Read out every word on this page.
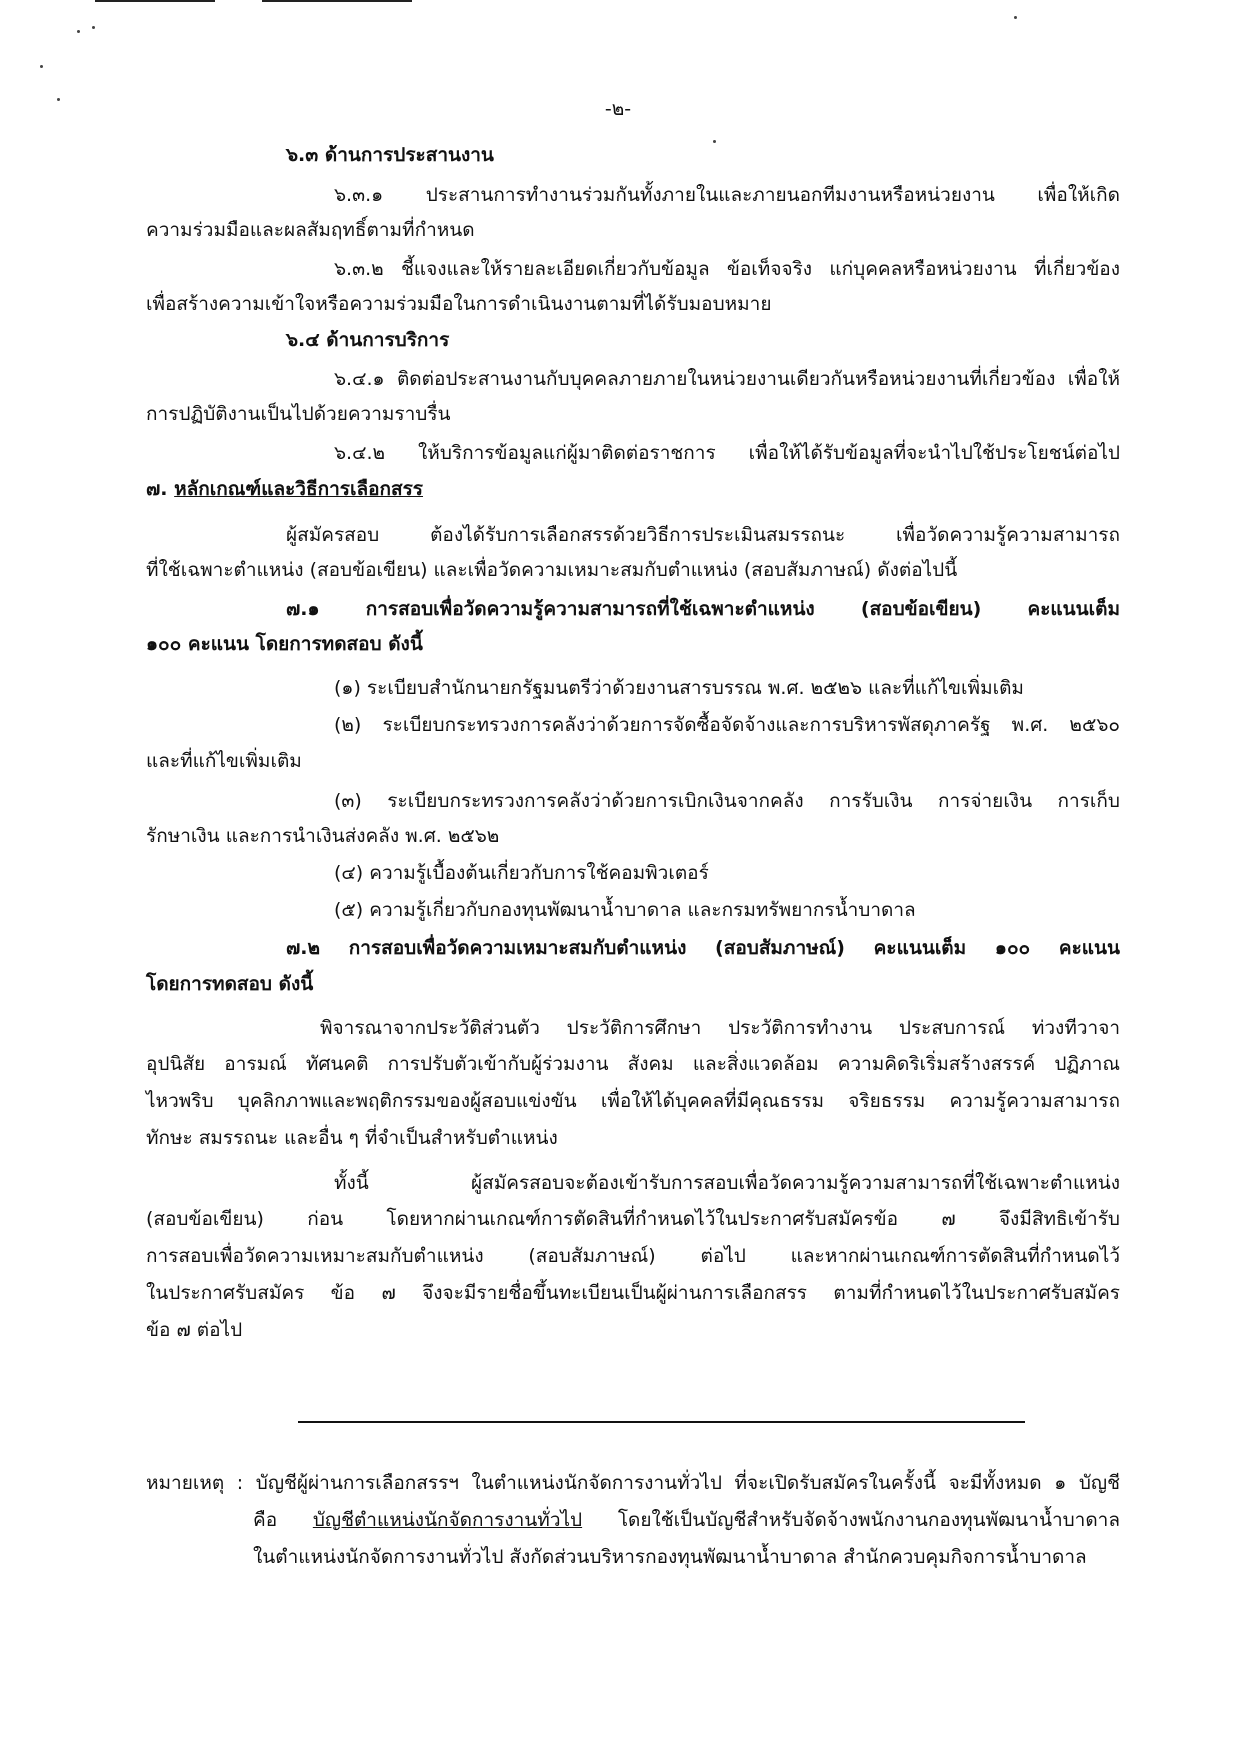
-๒-
๖.๓ ด้านการประสานงาน
๖.๓.๑ ประสานการทำงานร่วมกันทั้งภายในและภายนอกทีมงานหรือหน่วยงาน เพื่อให้เกิด
ความร่วมมือและผลสัมฤทธิ์ตามที่กำหนด
๖.๓.๒ ชี้แจงและให้รายละเอียดเกี่ยวกับข้อมูล ข้อเท็จจริง แก่บุคคลหรือหน่วยงาน ที่เกี่ยวข้อง
เพื่อสร้างความเข้าใจหรือความร่วมมือในการดำเนินงานตามที่ได้รับมอบหมาย
๖.๔ ด้านการบริการ
๖.๔.๑ ติดต่อประสานงานกับบุคคลภายภายในหน่วยงานเดียวกันหรือหน่วยงานที่เกี่ยวข้อง เพื่อให้
การปฏิบัติงานเป็นไปด้วยความราบรื่น
๖.๔.๒ ให้บริการข้อมูลแก่ผู้มาติดต่อราชการ เพื่อให้ได้รับข้อมูลที่จะนำไปใช้ประโยชน์ต่อไป
๗. หลักเกณฑ์และวิธีการเลือกสรร
ผู้สมัครสอบ ต้องได้รับการเลือกสรรด้วยวิธีการประเมินสมรรถนะ เพื่อวัดความรู้ความสามารถ
ที่ใช้เฉพาะตำแหน่ง (สอบข้อเขียน) และเพื่อวัดความเหมาะสมกับตำแหน่ง (สอบสัมภาษณ์) ดังต่อไปนี้
๗.๑ การสอบเพื่อวัดความรู้ความสามารถที่ใช้เฉพาะตำแหน่ง (สอบข้อเขียน) คะแนนเต็ม
๑๐๐ คะแนน โดยการทดสอบ ดังนี้
(๑) ระเบียบสำนักนายกรัฐมนตรีว่าด้วยงานสารบรรณ พ.ศ. ๒๕๒๖ และที่แก้ไขเพิ่มเติม
(๒) ระเบียบกระทรวงการคลังว่าด้วยการจัดซื้อจัดจ้างและการบริหารพัสดุภาครัฐ พ.ศ. ๒๕๖๐
และที่แก้ไขเพิ่มเติม
(๓) ระเบียบกระทรวงการคลังว่าด้วยการเบิกเงินจากคลัง การรับเงิน การจ่ายเงิน การเก็บ
รักษาเงิน และการนำเงินส่งคลัง พ.ศ. ๒๕๖๒
(๔) ความรู้เบื้องต้นเกี่ยวกับการใช้คอมพิวเตอร์
(๕) ความรู้เกี่ยวกับกองทุนพัฒนาน้ำบาดาล และกรมทรัพยากรน้ำบาดาล
๗.๒ การสอบเพื่อวัดความเหมาะสมกับตำแหน่ง (สอบสัมภาษณ์) คะแนนเต็ม ๑๐๐ คะแนน
โดยการทดสอบ ดังนี้
พิจารณาจากประวัติส่วนตัว ประวัติการศึกษา ประวัติการทำงาน ประสบการณ์ ท่วงทีวาจา
อุปนิสัย อารมณ์ ทัศนคติ การปรับตัวเข้ากับผู้ร่วมงาน สังคม และสิ่งแวดล้อม ความคิดริเริ่มสร้างสรรค์ ปฏิภาณ
ไหวพริบ บุคลิกภาพและพฤติกรรมของผู้สอบแข่งขัน เพื่อให้ได้บุคคลที่มีคุณธรรม จริยธรรม ความรู้ความสามารถ
ทักษะ สมรรถนะ และอื่น ๆ ที่จำเป็นสำหรับตำแหน่ง
ทั้งนี้ ผู้สมัครสอบจะต้องเข้ารับการสอบเพื่อวัดความรู้ความสามารถที่ใช้เฉพาะตำแหน่ง
(สอบข้อเขียน) ก่อน โดยหากผ่านเกณฑ์การตัดสินที่กำหนดไว้ในประกาศรับสมัครข้อ ๗ จึงมีสิทธิเข้ารับ
การสอบเพื่อวัดความเหมาะสมกับตำแหน่ง (สอบสัมภาษณ์) ต่อไป และหากผ่านเกณฑ์การตัดสินที่กำหนดไว้
ในประกาศรับสมัคร ข้อ ๗ จึงจะมีรายชื่อขึ้นทะเบียนเป็นผู้ผ่านการเลือกสรร ตามที่กำหนดไว้ในประกาศรับสมัคร
ข้อ ๗ ต่อไป
หมายเหตุ : บัญชีผู้ผ่านการเลือกสรรฯ ในตำแหน่งนักจัดการงานทั่วไป ที่จะเปิดรับสมัครในครั้งนี้ จะมีทั้งหมด ๑ บัญชี
คือ บัญชีตำแหน่งนักจัดการงานทั่วไป โดยใช้เป็นบัญชีสำหรับจัดจ้างพนักงานกองทุนพัฒนาน้ำบาดาล
ในตำแหน่งนักจัดการงานทั่วไป สังกัดส่วนบริหารกองทุนพัฒนาน้ำบาดาล สำนักควบคุมกิจการน้ำบาดาล
